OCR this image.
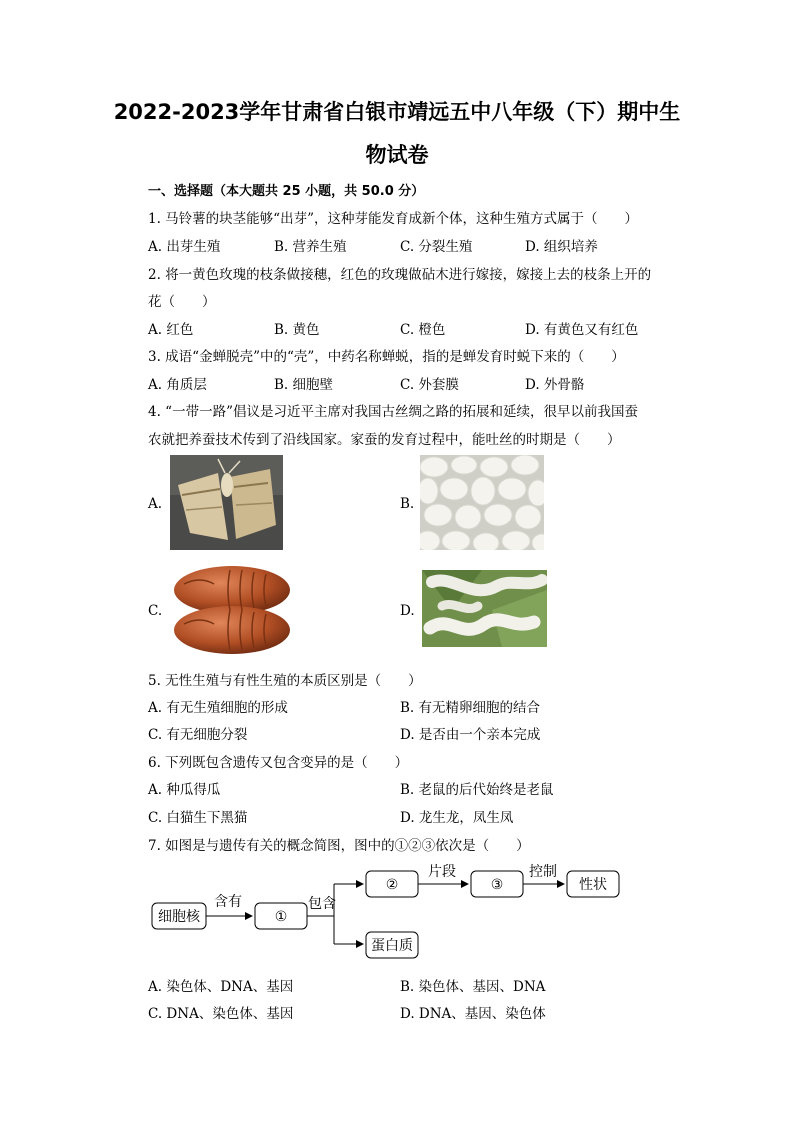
2022-2023学年甘肃省白银市靖远五中八年级（下）期中生
物试卷
一、选择题（本大题共 25 小题，共 50.0 分）
1. 马铃薯的块茎能够“出芽”，这种芽能发育成新个体，这种生殖方式属于（　　）
A. 出芽生殖	B. 营养生殖	C. 分裂生殖	D. 组织培养
2. 将一黄色玫瑰的枝条做接穗，红色的玫瑰做砧木进行嫁接，嫁接上去的枝条上开的
花（　　）
A. 红色	B. 黄色	C. 橙色	D. 有黄色又有红色
3. 成语“金蝉脱壳”中的“壳”，中药名称蝉蜕，指的是蝉发育时蜕下来的（　　）
A. 角质层	B. 细胞壁	C. 外套膜	D. 外骨骼
4. “一带一路”倡议是习近平主席对我国古丝绸之路的拓展和延续，很早以前我国蚕
农就把养蚕技术传到了沿线国家。家蚕的发育过程中，能吐丝的时期是（　　）
A.	B.
C.	D.
5. 无性生殖与有性生殖的本质区别是（　　）
A. 有无生殖细胞的形成	B. 有无精卵细胞的结合
C. 有无细胞分裂	D. 是否由一个亲本完成
6. 下列既包含遗传又包含变异的是（　　）
A. 种瓜得瓜	B. 老鼠的后代始终是老鼠
C. 白猫生下黑猫	D. 龙生龙，凤生凤
7. 如图是与遗传有关的概念简图，图中的①②③依次是（　　）
细胞核
含有
①
包含
②
片段
③
控制
性状
蛋白质
A. 染色体、DNA、基因	B. 染色体、基因、DNA
C. DNA、染色体、基因	D. DNA、基因、染色体
